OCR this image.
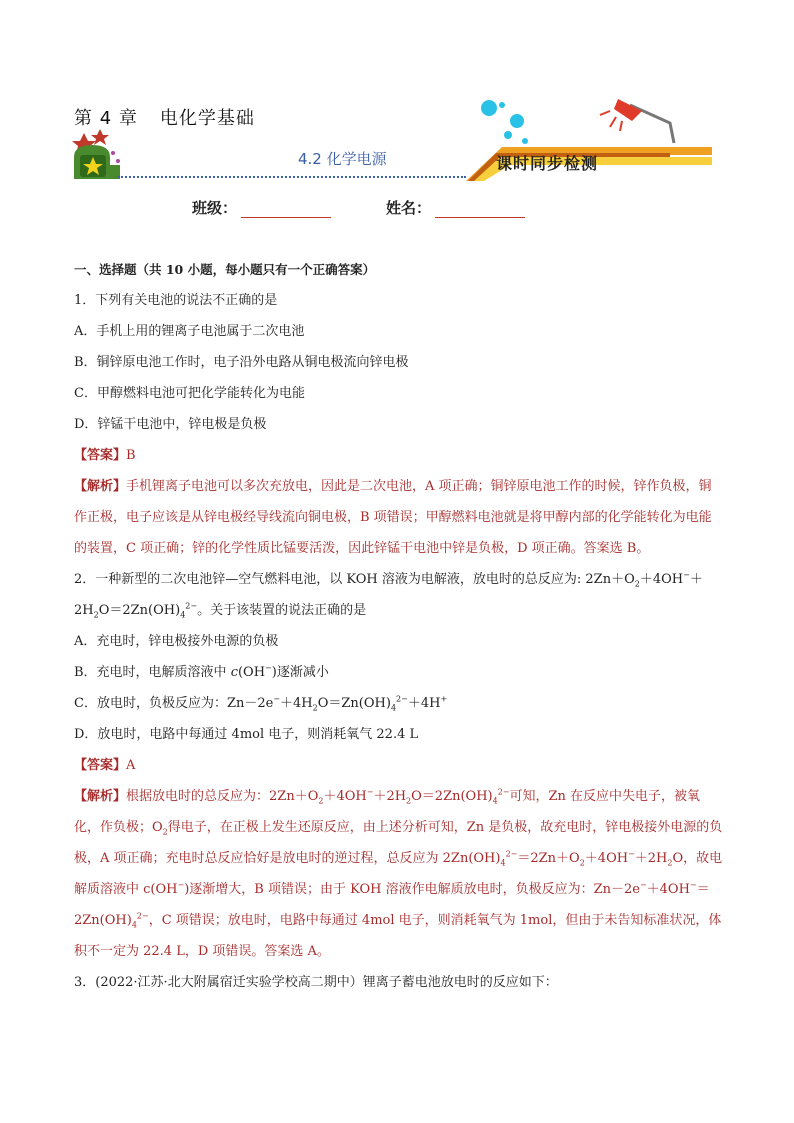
第 4 章 电化学基础
4.2 化学电源	课时同步检测
班级：	姓名：

一、选择题（共 10 小题，每小题只有一个正确答案）

1．下列有关电池的说法不正确的是

A．手机上用的锂离子电池属于二次电池

B．铜锌原电池工作时，电子沿外电路从铜电极流向锌电极

C．甲醇燃料电池可把化学能转化为电能

D．锌锰干电池中，锌电极是负极

【答案】B

【解析】手机锂离子电池可以多次充放电，因此是二次电池，A 项正确；铜锌原电池工作的时候，锌作负极，铜作正极，电子应该是从锌电极经导线流向铜电极，B 项错误；甲醇燃料电池就是将甲醇内部的化学能转化为电能的装置，C 项正确；锌的化学性质比锰要活泼，因此锌锰干电池中锌是负极，D 项正确。答案选 B。

2．一种新型的二次电池锌—空气燃料电池，以 KOH 溶液为电解液，放电时的总反应为: $2Zn+O_2+4OH^-+$
$2H_2O=2Zn(OH)_4^{2-}$。关于该装置的说法正确的是

A．充电时，锌电极接外电源的负极

B．充电时，电解质溶液中 c(OH−)逐渐减小

C．放电时，负极反应为：$Zn-2e^-+4H_2O=Zn(OH)_4^{2-}+4H^+$

D．放电时，电路中每通过 4mol 电子，则消耗氧气 22.4 L

【答案】A

【解析】根据放电时的总反应为：$2Zn+O_2+4OH^-+2H_2O=2Zn(OH)_4^{2-}$可知，Zn 在反应中失电子，被氧化，作负极；$O_2$得电子，在正极上发生还原反应，由上述分析可知，Zn 是负极，故充电时，锌电极接外电源的负极，A 项正确；充电时总反应恰好是放电时的逆过程，总反应为 $2Zn(OH)_4^{2-}=2Zn+O_2+4OH^-+2H_2O$，故电解质溶液中 c(OH−)逐渐增大，B 项错误；由于 KOH 溶液作电解质放电时，负极反应为：$Zn-2e^-+4OH^-=2Zn(OH)_4^{2-}$，C 项错误；放电时，电路中每通过 4mol 电子，则消耗氧气为 1mol，但由于未告知标准状况，体积不一定为 22.4 L，D 项错误。答案选 A。

3．(2022·江苏·北大附属宿迁实验学校高二期中）锂离子蓄电池放电时的反应如下：
